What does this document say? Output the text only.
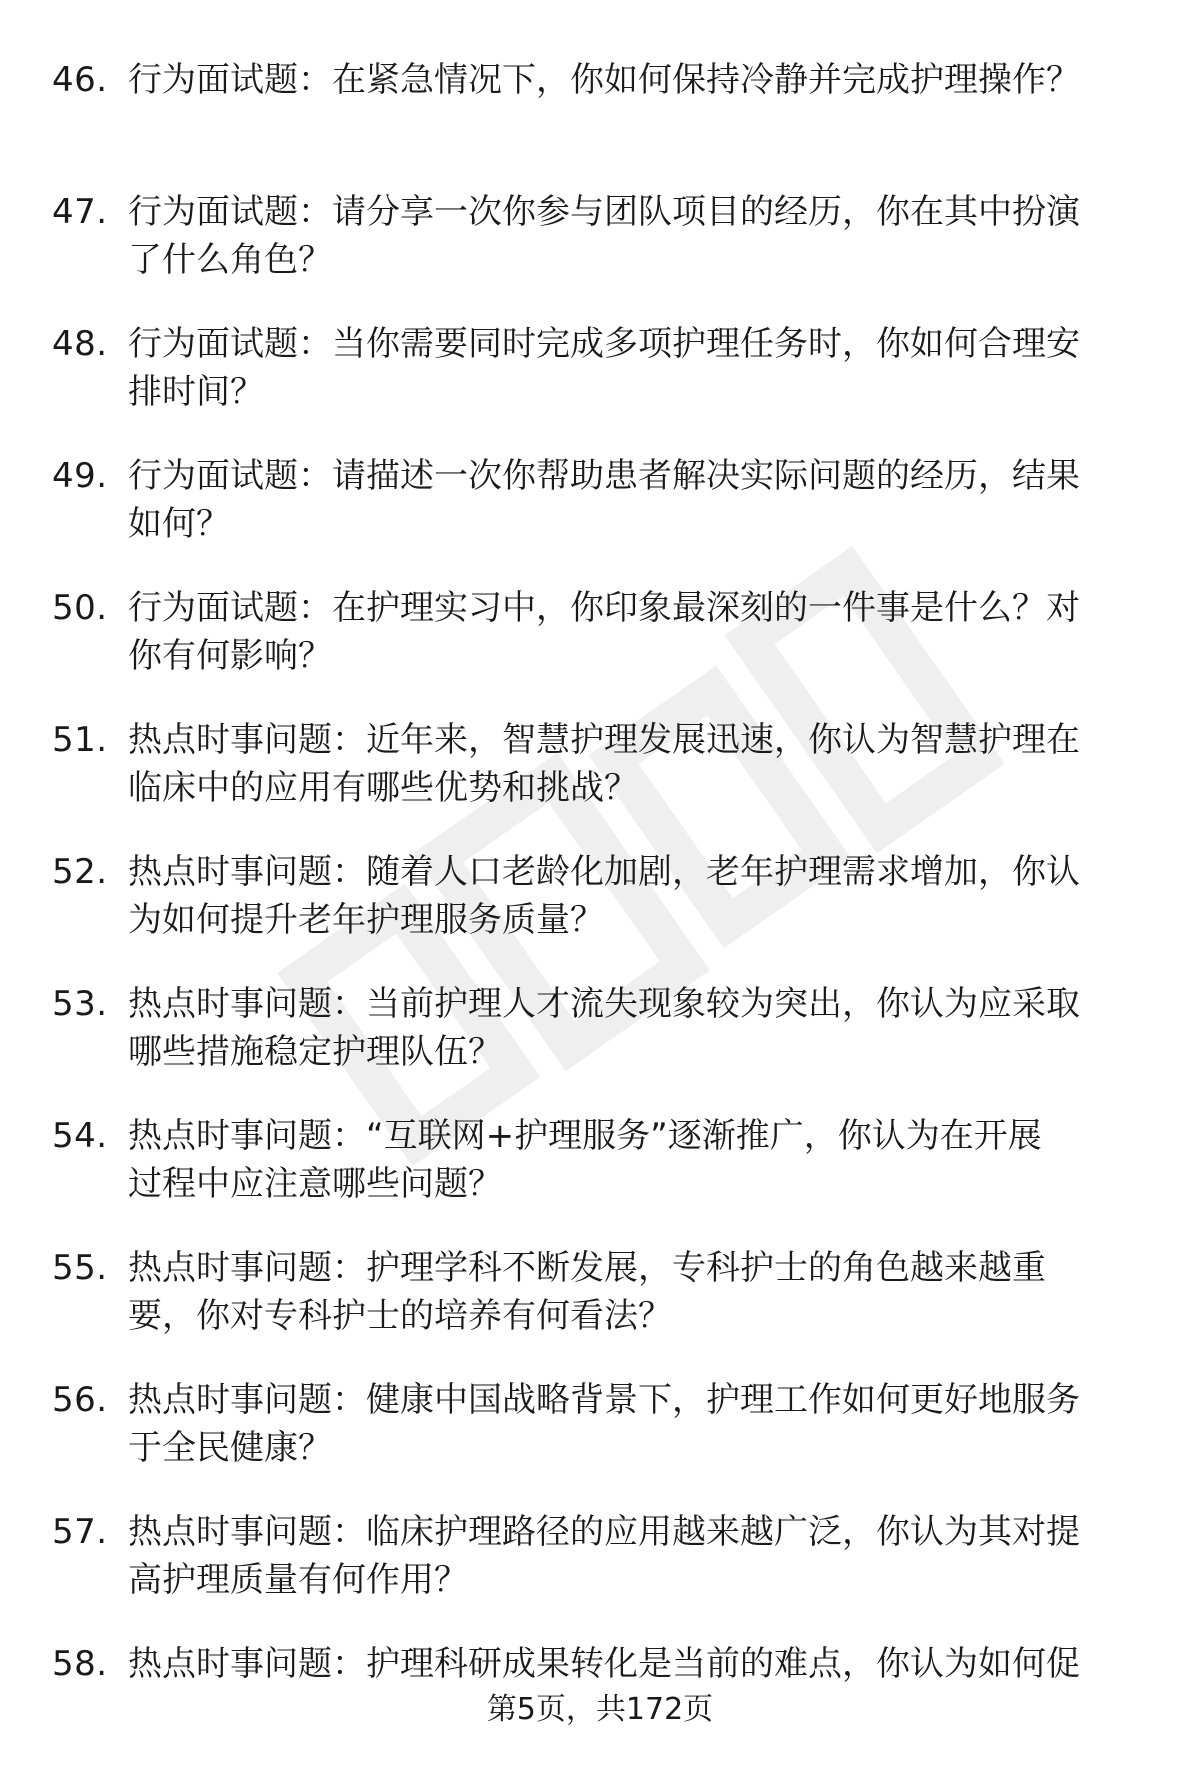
46. 行为面试题：在紧急情况下，你如何保持冷静并完成护理操作？
47. 行为面试题：请分享一次你参与团队项目的经历，你在其中扮演
了什么角色？
48. 行为面试题：当你需要同时完成多项护理任务时，你如何合理安
排时间？
49. 行为面试题：请描述一次你帮助患者解决实际问题的经历，结果
如何？
50. 行为面试题：在护理实习中，你印象最深刻的一件事是什么？对
你有何影响？
51. 热点时事问题：近年来，智慧护理发展迅速，你认为智慧护理在
临床中的应用有哪些优势和挑战？
52. 热点时事问题：随着人口老龄化加剧，老年护理需求增加，你认
为如何提升老年护理服务质量？
53. 热点时事问题：当前护理人才流失现象较为突出，你认为应采取
哪些措施稳定护理队伍？
54. 热点时事问题：“互联网+护理服务”逐渐推广，你认为在开展
过程中应注意哪些问题？
55. 热点时事问题：护理学科不断发展，专科护士的角色越来越重
要，你对专科护士的培养有何看法？
56. 热点时事问题：健康中国战略背景下，护理工作如何更好地服务
于全民健康？
57. 热点时事问题：临床护理路径的应用越来越广泛，你认为其对提
高护理质量有何作用？
58. 热点时事问题：护理科研成果转化是当前的难点，你认为如何促
第5页，共172页
